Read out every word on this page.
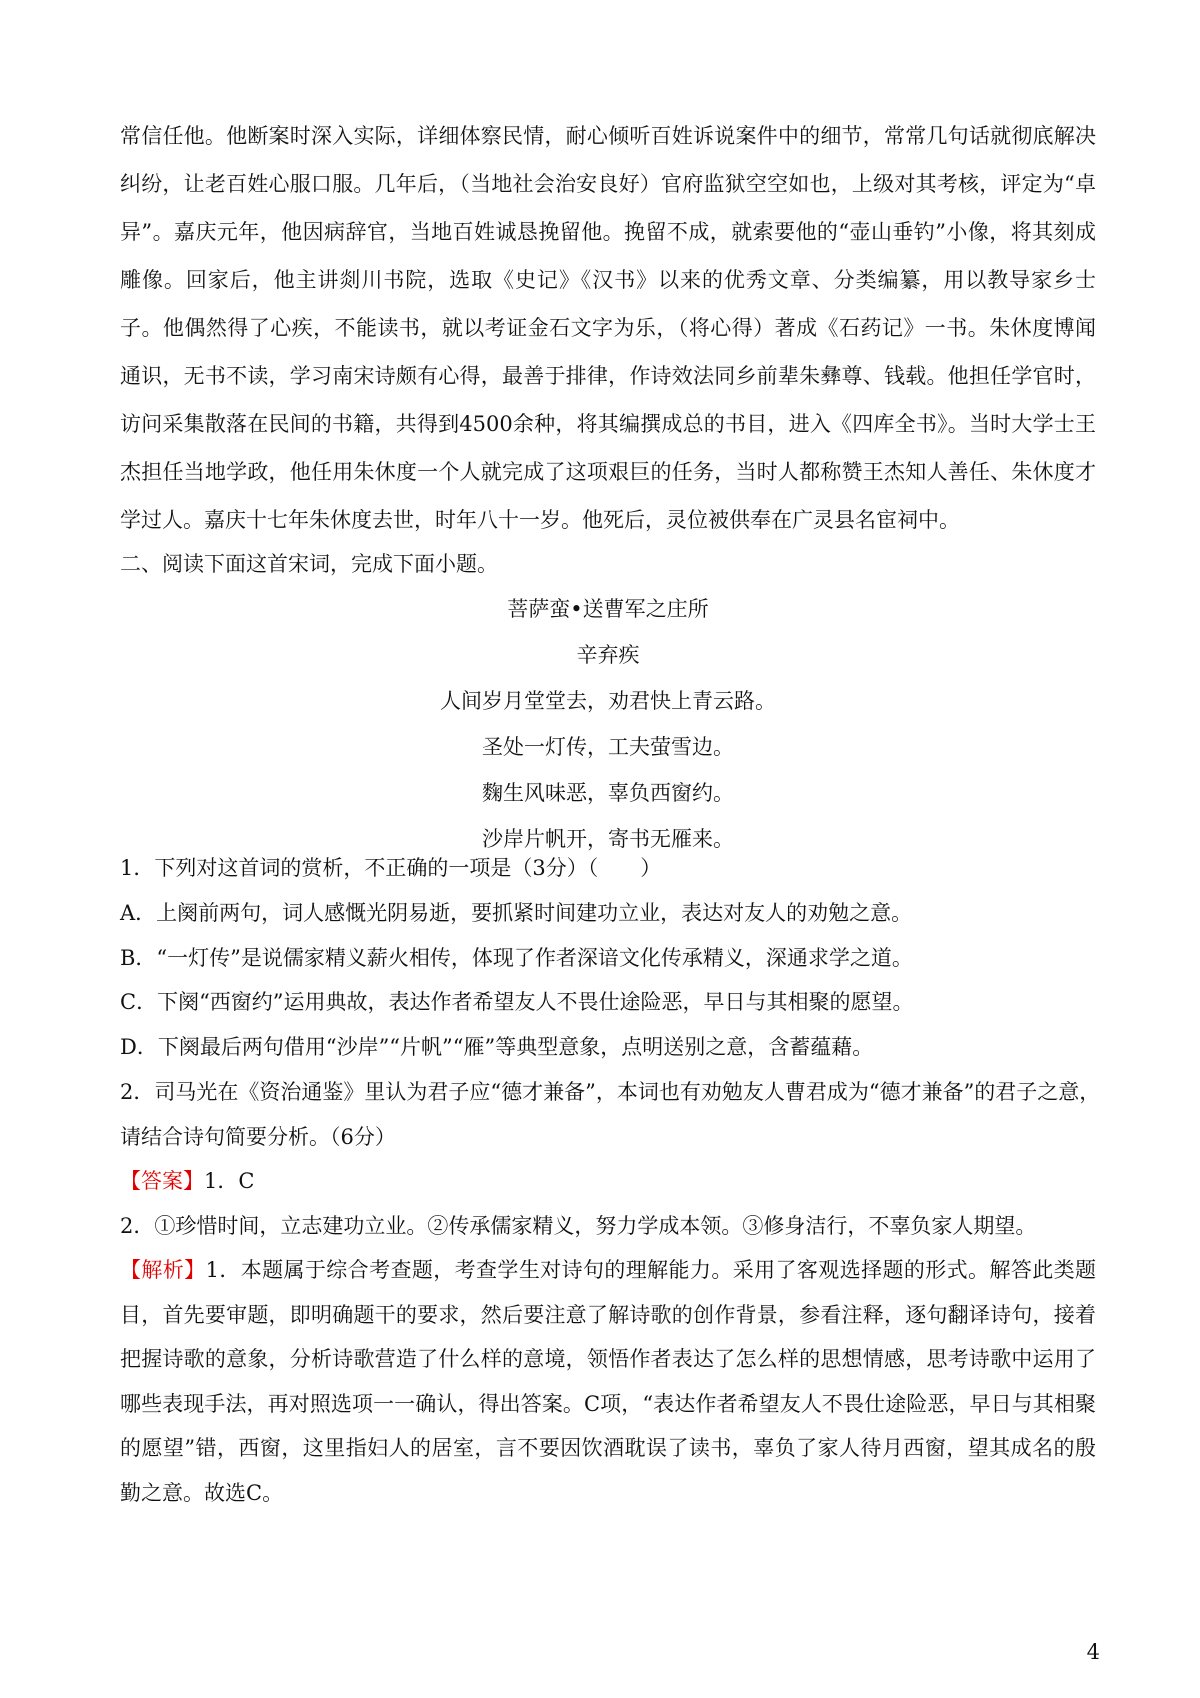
常信任他。他断案时深入实际，详细体察民情，耐心倾听百姓诉说案件中的细节，常常几句话就彻底解决纠纷，让老百姓心服口服。几年后，（当地社会治安良好）官府监狱空空如也，上级对其考核，评定为“卓异”。嘉庆元年，他因病辞官，当地百姓诚恳挽留他。挽留不成，就索要他的“壶山垂钓”小像，将其刻成雕像。回家后，他主讲剡川书院，选取《史记》《汉书》以来的优秀文章、分类编纂，用以教导家乡士子。他偶然得了心疾，不能读书，就以考证金石文字为乐，（将心得）著成《石药记》一书。朱休度博闻通识，无书不读，学习南宋诗颇有心得，最善于排律，作诗效法同乡前辈朱彝尊、钱载。他担任学官时，访问采集散落在民间的书籍，共得到4500余种，将其编撰成总的书目，进入《四库全书》。当时大学士王杰担任当地学政，他任用朱休度一个人就完成了这项艰巨的任务，当时人都称赞王杰知人善任、朱休度才学过人。嘉庆十七年朱休度去世，时年八十一岁。他死后，灵位被供奉在广灵县名宦祠中。

二、阅读下面这首宋词，完成下面小题。
菩萨蛮•送曹军之庄所
辛弃疾
人间岁月堂堂去，劝君快上青云路。
圣处一灯传，工夫萤雪边。
麴生风味恶，辜负西窗约。
沙岸片帆开，寄书无雁来。
1．下列对这首词的赏析，不正确的一项是（3分）（　　）
A．上阕前两句，词人感慨光阴易逝，要抓紧时间建功立业，表达对友人的劝勉之意。
B．“一灯传”是说儒家精义薪火相传，体现了作者深谙文化传承精义，深通求学之道。
C．下阕“西窗约”运用典故，表达作者希望友人不畏仕途险恶，早日与其相聚的愿望。
D．下阕最后两句借用“沙岸”“片帆”“雁”等典型意象，点明送别之意，含蓄蕴藉。
2．司马光在《资治通鉴》里认为君子应“德才兼备”，本词也有劝勉友人曹君成为“德才兼备”的君子之意，
请结合诗句简要分析。（6分）
【答案】1．C
2．①珍惜时间，立志建功立业。②传承儒家精义，努力学成本领。③修身洁行，不辜负家人期望。

【解析】1．本题属于综合考查题，考查学生对诗句的理解能力。采用了客观选择题的形式。解答此类题目，首先要审题，即明确题干的要求，然后要注意了解诗歌的创作背景，参看注释，逐句翻译诗句，接着把握诗歌的意象，分析诗歌营造了什么样的意境，领悟作者表达了怎么样的思想情感，思考诗歌中运用了哪些表现手法，再对照选项一一确认，得出答案。C项，“表达作者希望友人不畏仕途险恶，早日与其相聚的愿望”错，西窗，这里指妇人的居室，言不要因饮酒耽误了读书，辜负了家人待月西窗，望其成名的殷勤之意。故选C。

4
